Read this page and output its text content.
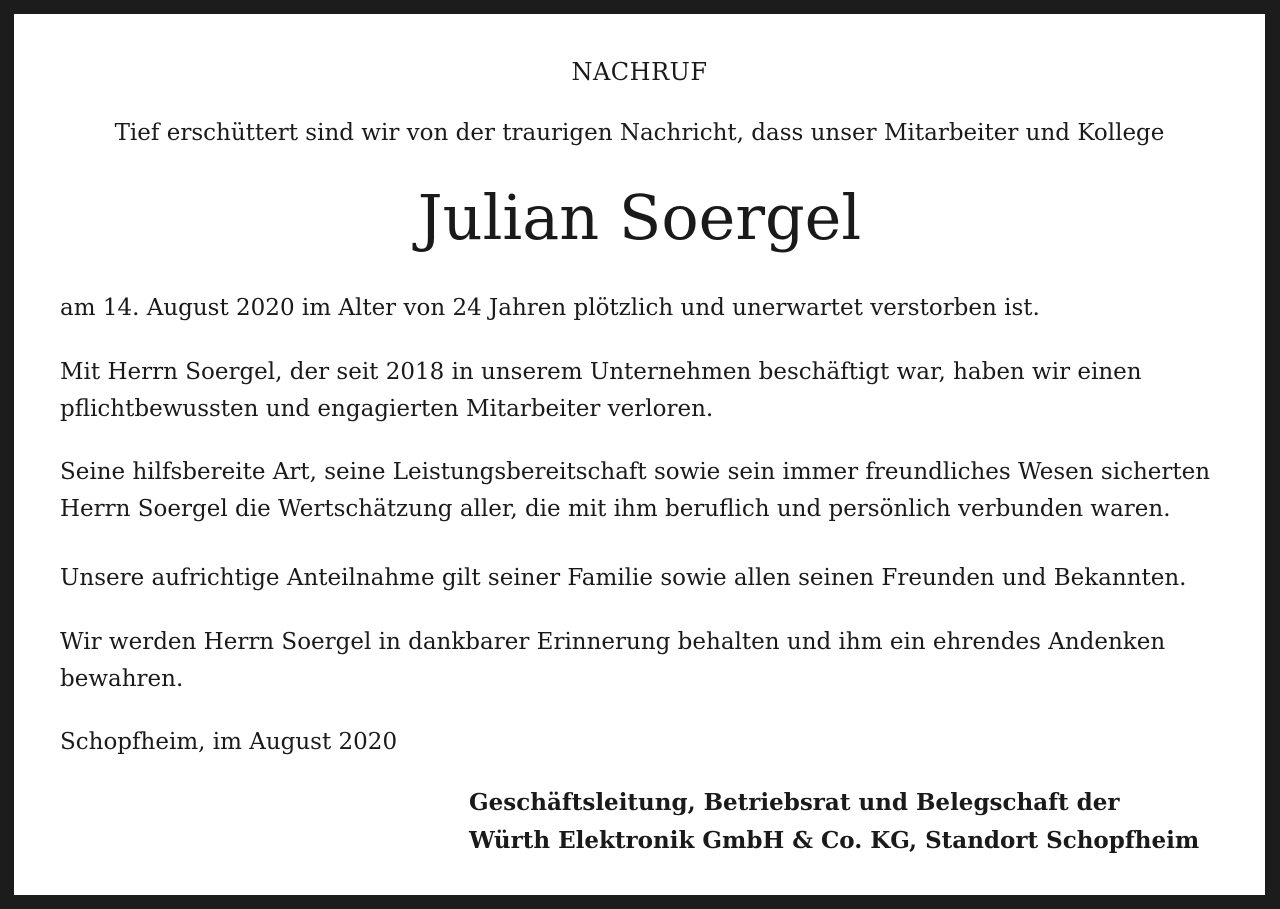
NACHRUF
Tief erschüttert sind wir von der traurigen Nachricht, dass unser Mitarbeiter und Kollege
Julian Soergel
am 14. August 2020 im Alter von 24 Jahren plötzlich und unerwartet verstorben ist.
Mit Herrn Soergel, der seit 2018 in unserem Unternehmen beschäftigt war, haben wir einen pflichtbewussten und engagierten Mitarbeiter verloren.
Seine hilfsbereite Art, seine Leistungsbereitschaft sowie sein immer freundliches Wesen sicherten Herrn Soergel die Wertschätzung aller, die mit ihm beruflich und persönlich verbunden waren.
Unsere aufrichtige Anteilnahme gilt seiner Familie sowie allen seinen Freunden und Bekannten.
Wir werden Herrn Soergel in dankbarer Erinnerung behalten und ihm ein ehrendes Andenken bewahren.
Schopfheim, im August 2020
Geschäftsleitung, Betriebsrat und Belegschaft der
Würth Elektronik GmbH & Co. KG, Standort Schopfheim
